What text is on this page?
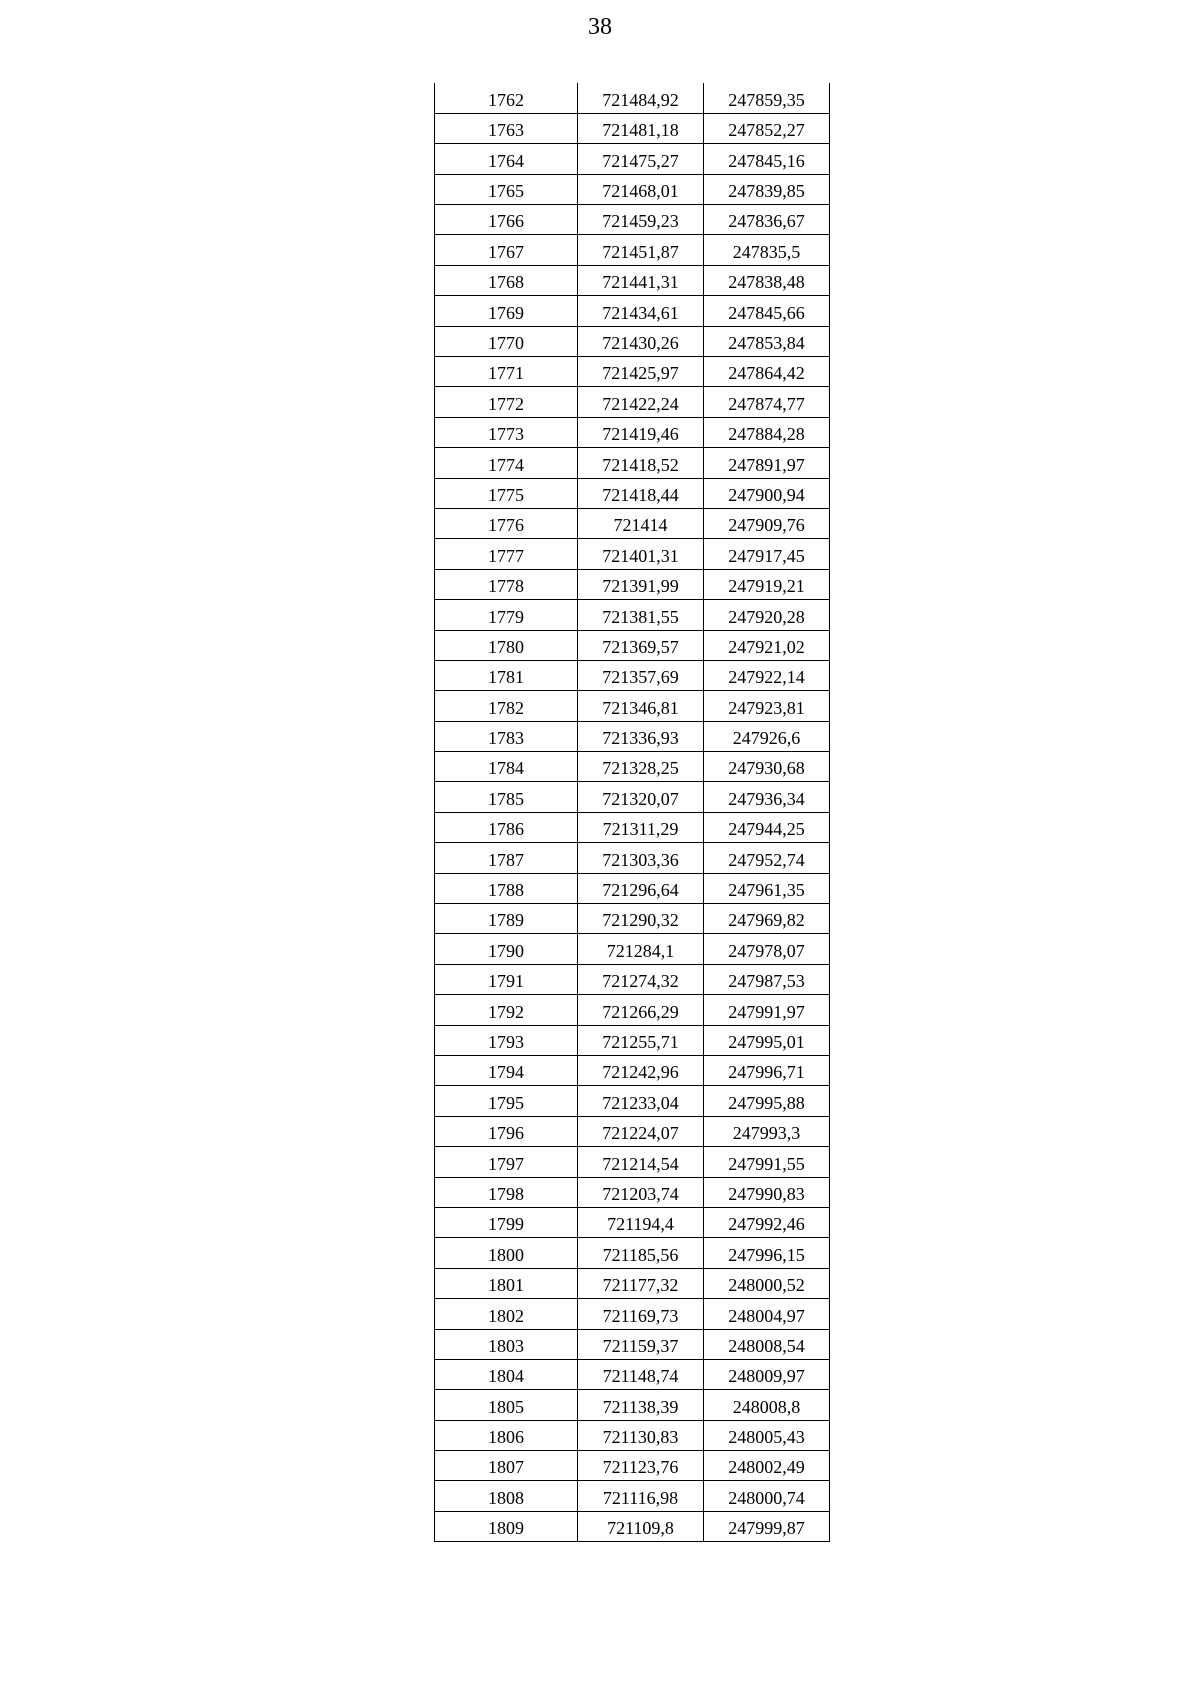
38
1762	721484,92	247859,35
1763	721481,18	247852,27
1764	721475,27	247845,16
1765	721468,01	247839,85
1766	721459,23	247836,67
1767	721451,87	247835,5
1768	721441,31	247838,48
1769	721434,61	247845,66
1770	721430,26	247853,84
1771	721425,97	247864,42
1772	721422,24	247874,77
1773	721419,46	247884,28
1774	721418,52	247891,97
1775	721418,44	247900,94
1776	721414	247909,76
1777	721401,31	247917,45
1778	721391,99	247919,21
1779	721381,55	247920,28
1780	721369,57	247921,02
1781	721357,69	247922,14
1782	721346,81	247923,81
1783	721336,93	247926,6
1784	721328,25	247930,68
1785	721320,07	247936,34
1786	721311,29	247944,25
1787	721303,36	247952,74
1788	721296,64	247961,35
1789	721290,32	247969,82
1790	721284,1	247978,07
1791	721274,32	247987,53
1792	721266,29	247991,97
1793	721255,71	247995,01
1794	721242,96	247996,71
1795	721233,04	247995,88
1796	721224,07	247993,3
1797	721214,54	247991,55
1798	721203,74	247990,83
1799	721194,4	247992,46
1800	721185,56	247996,15
1801	721177,32	248000,52
1802	721169,73	248004,97
1803	721159,37	248008,54
1804	721148,74	248009,97
1805	721138,39	248008,8
1806	721130,83	248005,43
1807	721123,76	248002,49
1808	721116,98	248000,74
1809	721109,8	247999,87
